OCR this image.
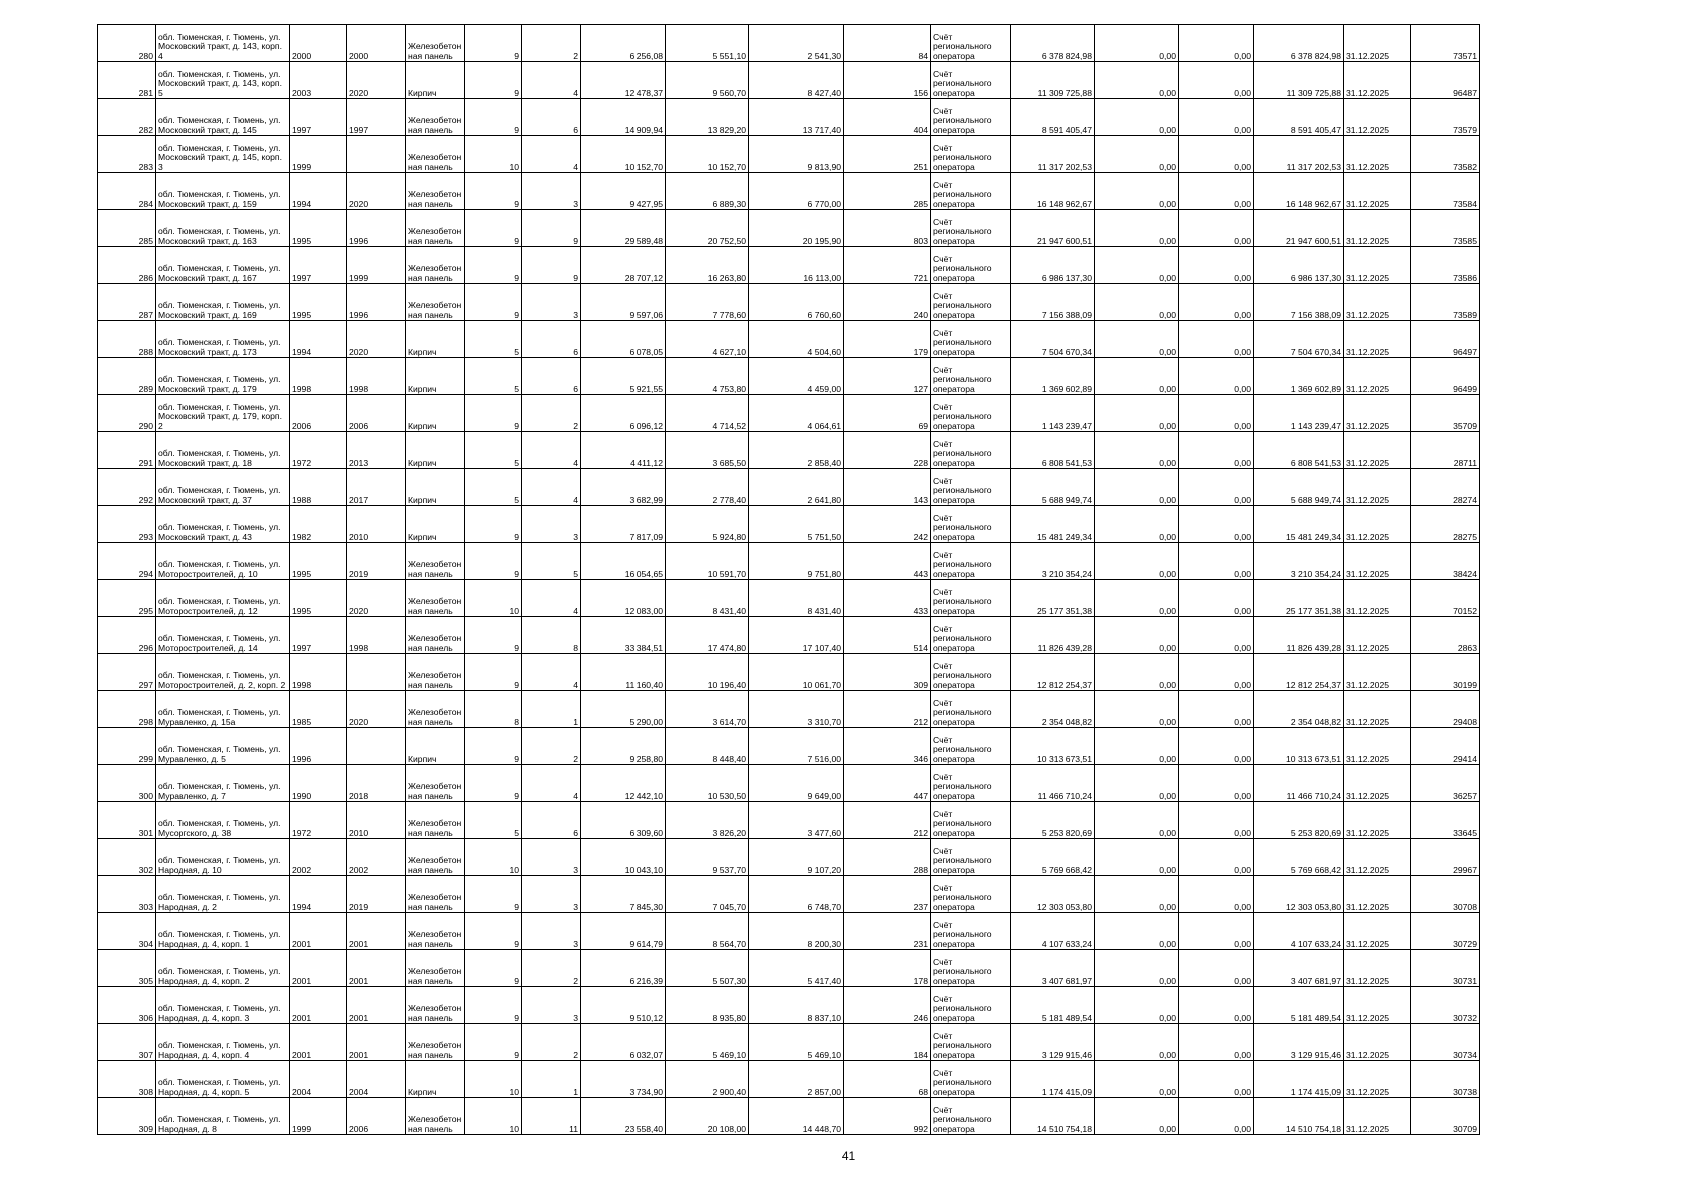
280	обл. Тюменская, г. Тюмень, ул. Московский тракт, д. 143, корп. 4	2000	2000	Железобетонная панель	9	2	6 256,08	5 551,10	2 541,30	84	Счёт регионального оператора	6 378 824,98	0,00	0,00	6 378 824,98	31.12.2025	73571
281	обл. Тюменская, г. Тюмень, ул. Московский тракт, д. 143, корп. 5	2003	2020	Кирпич	9	4	12 478,37	9 560,70	8 427,40	156	Счёт регионального оператора	11 309 725,88	0,00	0,00	11 309 725,88	31.12.2025	96487
282	обл. Тюменская, г. Тюмень, ул. Московский тракт, д. 145	1997	1997	Железобетонная панель	9	6	14 909,94	13 829,20	13 717,40	404	Счёт регионального оператора	8 591 405,47	0,00	0,00	8 591 405,47	31.12.2025	73579
283	обл. Тюменская, г. Тюмень, ул. Московский тракт, д. 145, корп. 3	1999		Железобетонная панель	10	4	10 152,70	10 152,70	9 813,90	251	Счёт регионального оператора	11 317 202,53	0,00	0,00	11 317 202,53	31.12.2025	73582
284	обл. Тюменская, г. Тюмень, ул. Московский тракт, д. 159	1994	2020	Железобетонная панель	9	3	9 427,95	6 889,30	6 770,00	285	Счёт регионального оператора	16 148 962,67	0,00	0,00	16 148 962,67	31.12.2025	73584
285	обл. Тюменская, г. Тюмень, ул. Московский тракт, д. 163	1995	1996	Железобетонная панель	9	9	29 589,48	20 752,50	20 195,90	803	Счёт регионального оператора	21 947 600,51	0,00	0,00	21 947 600,51	31.12.2025	73585
286	обл. Тюменская, г. Тюмень, ул. Московский тракт, д. 167	1997	1999	Железобетонная панель	9	9	28 707,12	16 263,80	16 113,00	721	Счёт регионального оператора	6 986 137,30	0,00	0,00	6 986 137,30	31.12.2025	73586
287	обл. Тюменская, г. Тюмень, ул. Московский тракт, д. 169	1995	1996	Железобетонная панель	9	3	9 597,06	7 778,60	6 760,60	240	Счёт регионального оператора	7 156 388,09	0,00	0,00	7 156 388,09	31.12.2025	73589
288	обл. Тюменская, г. Тюмень, ул. Московский тракт, д. 173	1994	2020	Кирпич	5	6	6 078,05	4 627,10	4 504,60	179	Счёт регионального оператора	7 504 670,34	0,00	0,00	7 504 670,34	31.12.2025	96497
289	обл. Тюменская, г. Тюмень, ул. Московский тракт, д. 179	1998	1998	Кирпич	5	6	5 921,55	4 753,80	4 459,00	127	Счёт регионального оператора	1 369 602,89	0,00	0,00	1 369 602,89	31.12.2025	96499
290	обл. Тюменская, г. Тюмень, ул. Московский тракт, д. 179, корп. 2	2006	2006	Кирпич	9	2	6 096,12	4 714,52	4 064,61	69	Счёт регионального оператора	1 143 239,47	0,00	0,00	1 143 239,47	31.12.2025	35709
291	обл. Тюменская, г. Тюмень, ул. Московский тракт, д. 18	1972	2013	Кирпич	5	4	4 411,12	3 685,50	2 858,40	228	Счёт регионального оператора	6 808 541,53	0,00	0,00	6 808 541,53	31.12.2025	28711
292	обл. Тюменская, г. Тюмень, ул. Московский тракт, д. 37	1988	2017	Кирпич	5	4	3 682,99	2 778,40	2 641,80	143	Счёт регионального оператора	5 688 949,74	0,00	0,00	5 688 949,74	31.12.2025	28274
293	обл. Тюменская, г. Тюмень, ул. Московский тракт, д. 43	1982	2010	Кирпич	9	3	7 817,09	5 924,80	5 751,50	242	Счёт регионального оператора	15 481 249,34	0,00	0,00	15 481 249,34	31.12.2025	28275
294	обл. Тюменская, г. Тюмень, ул. Моторостроителей, д. 10	1995	2019	Железобетонная панель	9	5	16 054,65	10 591,70	9 751,80	443	Счёт регионального оператора	3 210 354,24	0,00	0,00	3 210 354,24	31.12.2025	38424
295	обл. Тюменская, г. Тюмень, ул. Моторостроителей, д. 12	1995	2020	Железобетонная панель	10	4	12 083,00	8 431,40	8 431,40	433	Счёт регионального оператора	25 177 351,38	0,00	0,00	25 177 351,38	31.12.2025	70152
296	обл. Тюменская, г. Тюмень, ул. Моторостроителей, д. 14	1997	1998	Железобетонная панель	9	8	33 384,51	17 474,80	17 107,40	514	Счёт регионального оператора	11 826 439,28	0,00	0,00	11 826 439,28	31.12.2025	2863
297	обл. Тюменская, г. Тюмень, ул. Моторостроителей, д. 2, корп. 2	1998		Железобетонная панель	9	4	11 160,40	10 196,40	10 061,70	309	Счёт регионального оператора	12 812 254,37	0,00	0,00	12 812 254,37	31.12.2025	30199
298	обл. Тюменская, г. Тюмень, ул. Муравленко, д. 15а	1985	2020	Железобетонная панель	8	1	5 290,00	3 614,70	3 310,70	212	Счёт регионального оператора	2 354 048,82	0,00	0,00	2 354 048,82	31.12.2025	29408
299	обл. Тюменская, г. Тюмень, ул. Муравленко, д. 5	1996		Кирпич	9	2	9 258,80	8 448,40	7 516,00	346	Счёт регионального оператора	10 313 673,51	0,00	0,00	10 313 673,51	31.12.2025	29414
300	обл. Тюменская, г. Тюмень, ул. Муравленко, д. 7	1990	2018	Железобетонная панель	9	4	12 442,10	10 530,50	9 649,00	447	Счёт регионального оператора	11 466 710,24	0,00	0,00	11 466 710,24	31.12.2025	36257
301	обл. Тюменская, г. Тюмень, ул. Мусоргского, д. 38	1972	2010	Железобетонная панель	5	6	6 309,60	3 826,20	3 477,60	212	Счёт регионального оператора	5 253 820,69	0,00	0,00	5 253 820,69	31.12.2025	33645
302	обл. Тюменская, г. Тюмень, ул. Народная, д. 10	2002	2002	Железобетонная панель	10	3	10 043,10	9 537,70	9 107,20	288	Счёт регионального оператора	5 769 668,42	0,00	0,00	5 769 668,42	31.12.2025	29967
303	обл. Тюменская, г. Тюмень, ул. Народная, д. 2	1994	2019	Железобетонная панель	9	3	7 845,30	7 045,70	6 748,70	237	Счёт регионального оператора	12 303 053,80	0,00	0,00	12 303 053,80	31.12.2025	30708
304	обл. Тюменская, г. Тюмень, ул. Народная, д. 4, корп. 1	2001	2001	Железобетонная панель	9	3	9 614,79	8 564,70	8 200,30	231	Счёт регионального оператора	4 107 633,24	0,00	0,00	4 107 633,24	31.12.2025	30729
305	обл. Тюменская, г. Тюмень, ул. Народная, д. 4, корп. 2	2001	2001	Железобетонная панель	9	2	6 216,39	5 507,30	5 417,40	178	Счёт регионального оператора	3 407 681,97	0,00	0,00	3 407 681,97	31.12.2025	30731
306	обл. Тюменская, г. Тюмень, ул. Народная, д. 4, корп. 3	2001	2001	Железобетонная панель	9	3	9 510,12	8 935,80	8 837,10	246	Счёт регионального оператора	5 181 489,54	0,00	0,00	5 181 489,54	31.12.2025	30732
307	обл. Тюменская, г. Тюмень, ул. Народная, д. 4, корп. 4	2001	2001	Железобетонная панель	9	2	6 032,07	5 469,10	5 469,10	184	Счёт регионального оператора	3 129 915,46	0,00	0,00	3 129 915,46	31.12.2025	30734
308	обл. Тюменская, г. Тюмень, ул. Народная, д. 4, корп. 5	2004	2004	Кирпич	10	1	3 734,90	2 900,40	2 857,00	68	Счёт регионального оператора	1 174 415,09	0,00	0,00	1 174 415,09	31.12.2025	30738
309	обл. Тюменская, г. Тюмень, ул. Народная, д. 8	1999	2006	Железобетонная панель	10	11	23 558,40	20 108,00	14 448,70	992	Счёт регионального оператора	14 510 754,18	0,00	0,00	14 510 754,18	31.12.2025	30709
41
